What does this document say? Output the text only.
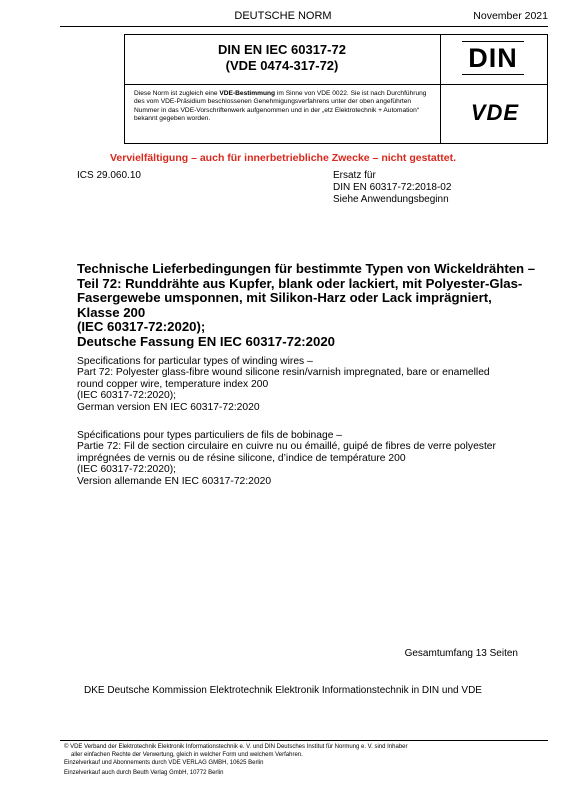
DEUTSCHE NORM	November 2021
DIN EN IEC 60317-72
(VDE 0474-317-72)	DIN
Diese Norm ist zugleich eine VDE-Bestimmung im Sinne von VDE 0022. Sie ist nach Durchführung des vom VDE-Präsidium beschlossenen Genehmigungsverfahrens unter der oben angeführten Nummer in das VDE-Vorschriftenwerk aufgenommen und in der „etz Elektrotechnik + Automation“ bekannt gegeben worden.	VDE
Vervielfältigung – auch für innerbetriebliche Zwecke – nicht gestattet.
ICS 29.060.10	Ersatz für
DIN EN 60317-72:2018-02
Siehe Anwendungsbeginn
Technische Lieferbedingungen für bestimmte Typen von Wickeldrähten –
Teil 72: Runddrähte aus Kupfer, blank oder lackiert, mit Polyester-Glas-
Fasergewebe umsponnen, mit Silikon-Harz oder Lack imprägniert,
Klasse 200
(IEC 60317-72:2020);
Deutsche Fassung EN IEC 60317-72:2020
Specifications for particular types of winding wires –
Part 72: Polyester glass-fibre wound silicone resin/varnish impregnated, bare or enamelled
round copper wire, temperature index 200
(IEC 60317-72:2020);
German version EN IEC 60317-72:2020
Spécifications pour types particuliers de fils de bobinage –
Partie 72: Fil de section circulaire en cuivre nu ou émaillé, guipé de fibres de verre polyester
imprégnées de vernis ou de résine silicone, d’indice de température 200
(IEC 60317-72:2020);
Version allemande EN IEC 60317-72:2020
Gesamtumfang 13 Seiten
DKE Deutsche Kommission Elektrotechnik Elektronik Informationstechnik in DIN und VDE
© VDE Verband der Elektrotechnik Elektronik Informationstechnik e. V. und DIN Deutsches Institut für Normung e. V. sind Inhaber
aller einfachen Rechte der Verwertung, gleich in welcher Form und welchem Verfahren.
Einzelverkauf und Abonnements durch VDE VERLAG GMBH, 10625 Berlin
Einzelverkauf auch durch Beuth Verlag GmbH, 10772 Berlin
